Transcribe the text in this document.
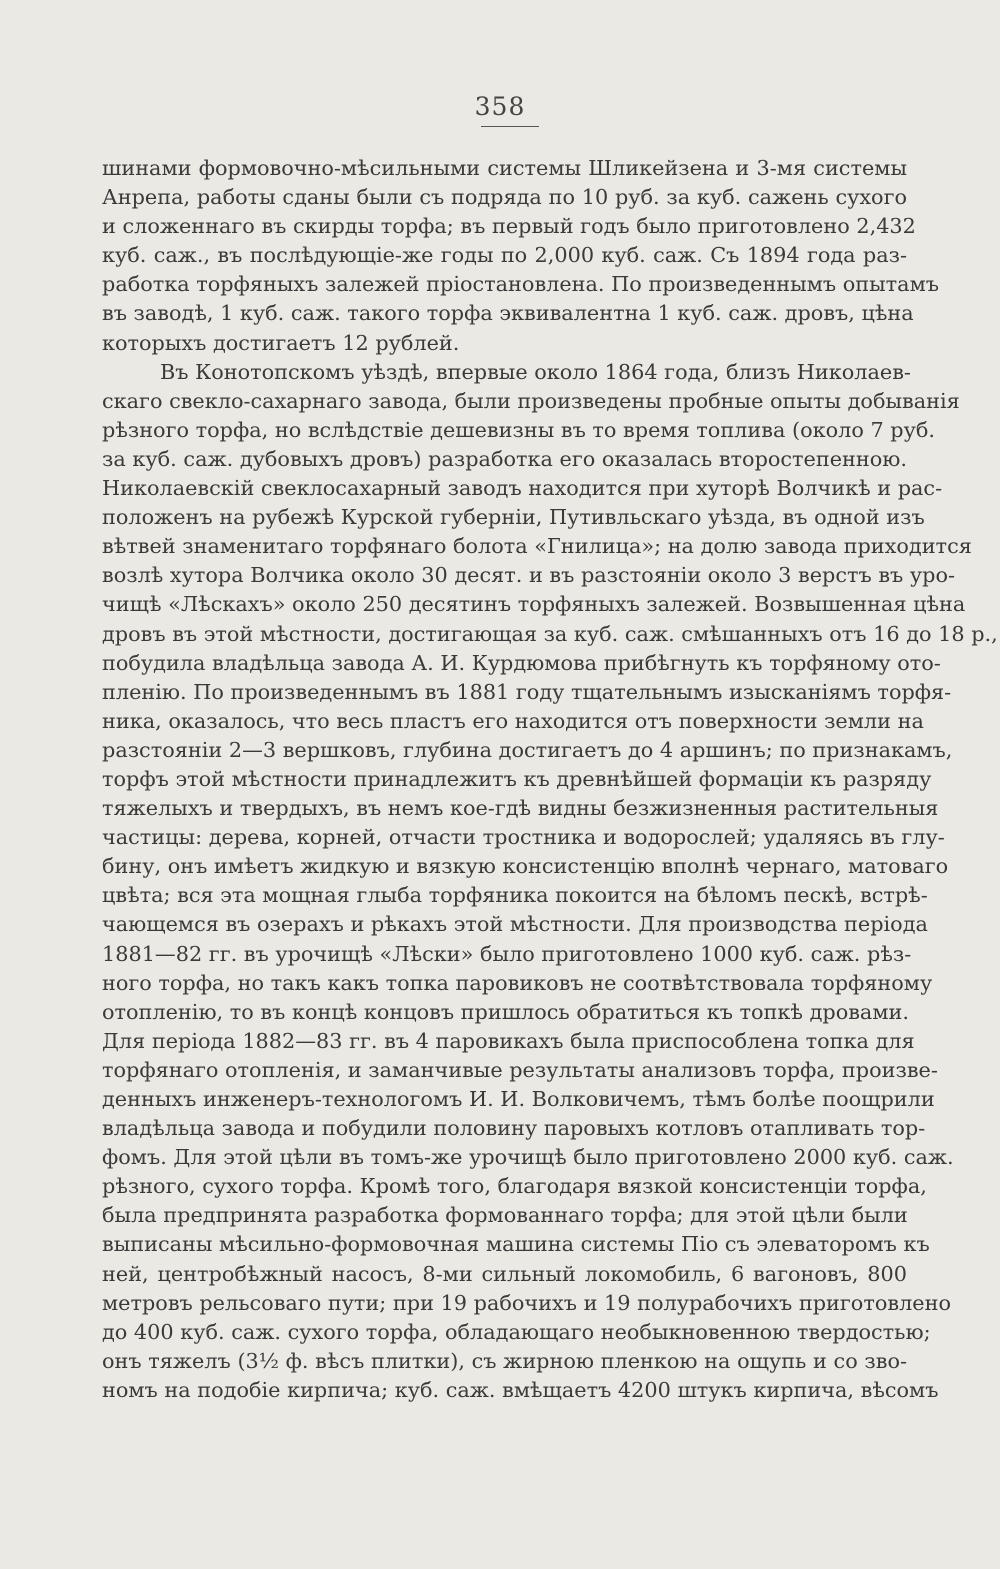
358
шинами формовочно-мѣсильными системы Шликейзена и 3-мя системы
Анрепа, работы сданы были съ подряда по 10 руб. за куб. сажень сухого
и сложеннаго въ скирды торфа; въ первый годъ было приготовлено 2,432
куб. саж., въ послѣдующіе-же годы по 2,000 куб. саж. Съ 1894 года раз-
работка торфяныхъ залежей пріостановлена. По произведеннымъ опытамъ
въ заводѣ, 1 куб. саж. такого торфа эквивалентна 1 куб. саж. дровъ, цѣна
которыхъ достигаетъ 12 рублей.
Въ Конотопскомъ уѣздѣ, впервые около 1864 года, близъ Николаев-
скаго свекло-сахарнаго завода, были произведены пробные опыты добыванія
рѣзного торфа, но вслѣдствіе дешевизны въ то время топлива (около 7 руб.
за куб. саж. дубовыхъ дровъ) разработка его оказалась второстепенною.
Николаевскій свеклосахарный заводъ находится при хуторѣ Волчикѣ и рас-
положенъ на рубежѣ Курской губерніи, Путивльскаго уѣзда, въ одной изъ
вѣтвей знаменитаго торфянаго болота «Гнилица»; на долю завода приходится
возлѣ хутора Волчика около 30 десят. и въ разстояніи около 3 верстъ въ уро-
чищѣ «Лѣскахъ» около 250 десятинъ торфяныхъ залежей. Возвышенная цѣна
дровъ въ этой мѣстности, достигающая за куб. саж. смѣшанныхъ отъ 16 до 18 р.,
побудила владѣльца завода А. И. Курдюмова прибѣгнуть къ торфяному ото-
пленію. По произведеннымъ въ 1881 году тщательнымъ изысканіямъ торфя-
ника, оказалось, что весь пластъ его находится отъ поверхности земли на
разстояніи 2—3 вершковъ, глубина достигаетъ до 4 аршинъ; по признакамъ,
торфъ этой мѣстности принадлежитъ къ древнѣйшей формаціи къ разряду
тяжелыхъ и твердыхъ, въ немъ кое-гдѣ видны безжизненныя растительныя
частицы: дерева, корней, отчасти тростника и водорослей; удаляясь въ глу-
бину, онъ имѣетъ жидкую и вязкую консистенцію вполнѣ чернаго, матоваго
цвѣта; вся эта мощная глыба торфяника покоится на бѣломъ пескѣ, встрѣ-
чающемся въ озерахъ и рѣкахъ этой мѣстности. Для производства періода
1881—82 гг. въ урочищѣ «Лѣски» было приготовлено 1000 куб. саж. рѣз-
ного торфа, но такъ какъ топка паровиковъ не соотвѣтствовала торфяному
отопленію, то въ концѣ концовъ пришлось обратиться къ топкѣ дровами.
Для періода 1882—83 гг. въ 4 паровикахъ была приспособлена топка для
торфянаго отопленія, и заманчивые результаты анализовъ торфа, произве-
денныхъ инженеръ-технологомъ И. И. Волковичемъ, тѣмъ болѣе поощрили
владѣльца завода и побудили половину паровыхъ котловъ отапливать тор-
фомъ. Для этой цѣли въ томъ-же урочищѣ было приготовлено 2000 куб. саж.
рѣзного, сухого торфа. Кромѣ того, благодаря вязкой консистенціи торфа,
была предпринята разработка формованнаго торфа; для этой цѣли были
выписаны мѣсильно-формовочная машина системы Піо съ элеваторомъ къ
ней, центробѣжный насосъ, 8-ми сильный локомобиль, 6 вагоновъ, 800
метровъ рельсоваго пути; при 19 рабочихъ и 19 полурабочихъ приготовлено
до 400 куб. саж. сухого торфа, обладающаго необыкновенною твердостью;
онъ тяжелъ (3½ ф. вѣсъ плитки), съ жирною пленкою на ощупь и со зво-
номъ на подобіе кирпича; куб. саж. вмѣщаетъ 4200 штукъ кирпича, вѣсомъ
